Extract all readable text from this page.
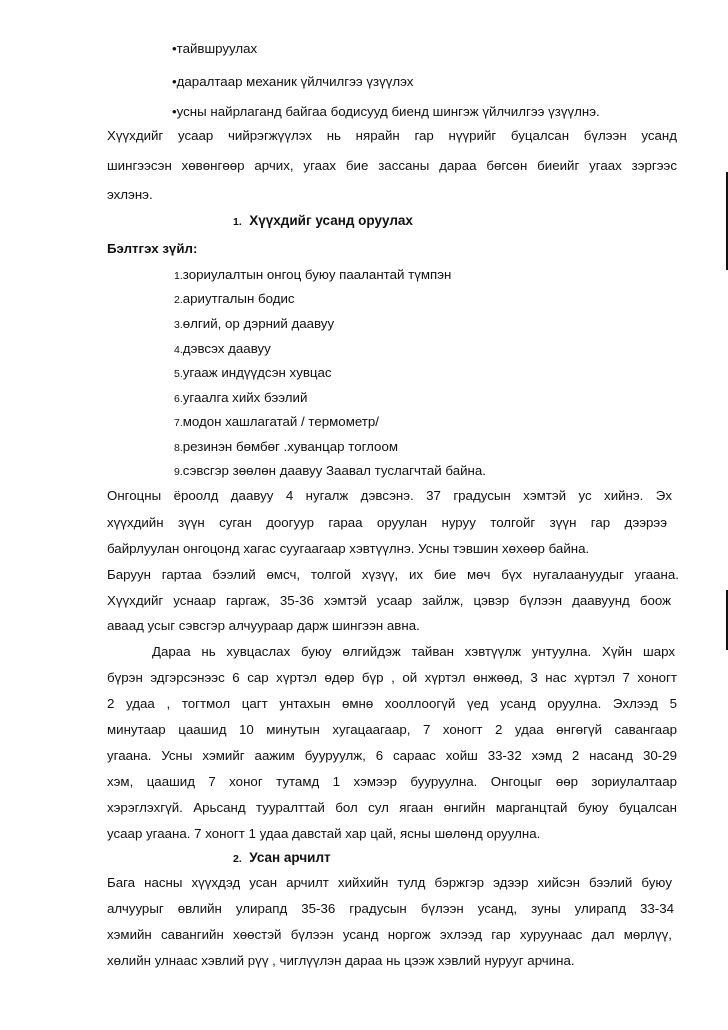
•тайвшруулах

•даралтаар механик үйлчилгээ үзүүлэх

•усны найрлаганд байгаа бодисууд биенд шингэж үйлчилгээ үзүүлнэ.

Хүүхдийг усаар чийрэгжүүлэх нь нярайн гар нүүрийг буцалсан бүлээн усанд

шингээсэн хөвөнгөөр арчих, угаах бие зассаны дараа бөгсөн биеийг угаах зэргээс

эхлэнэ.

1. Хүүхдийг усанд оруулах

Бэлтгэх зүйл:

1.зориулалтын онгоц буюу паалантай түмпэн
2.ариутгалын бодис
3.өлгий, ор дэрний даавуу
4.дэвсэх даавуу
5.угааж индүүдсэн хувцас
6.угаалга хийх бээлий
7.модон хашлагатай / термометр/
8.резинэн бөмбөг .хуванцар тоглоом
9.сэвсгэр зөөлөн даавуу Заавал туслагчтай байна.

Онгоцны ёроолд даавуу 4 нугалж дэвсэнэ. 37 градусын хэмтэй ус хийнэ. Эх

хүүхдийн зүүн суган доогуур гараа оруулан нуруу толгойг зүүн гар дээрээ

байрлуулан онгоцонд хагас суугаагаар хэвтүүлнэ. Усны тэвшин хөхөөр байна.

Баруун гартаа бээлий өмсч, толгой хүзүү, их бие мөч бүх нугалаануудыг угаана.

Хүүхдийг уснаар гаргаж, 35-36 хэмтэй усаар зайлж, цэвэр бүлээн даавуунд боож

аваад усыг сэвсгэр алчуураар дарж шингээн авна.

Дараа нь хувцаслах буюу өлгийдэж тайван хэвтүүлж унтуулна. Хүйн шарх

бүрэн эдгэрсэнээс 6 сар хүртэл өдөр бүр , ой хүртэл өнжөөд, 3 нас хүртэл 7 хоногт

2 удаа , тогтмол цагт унтахын өмнө хооллоогүй үед усанд оруулна. Эхлээд 5

минутаар цаашид 10 минутын хугацаагаар, 7 хоногт 2 удаа өнгөгүй савангаар

угаана. Усны хэмийг аажим бууруулж, 6 сараас хойш 33-32 хэмд 2 насанд 30-29

хэм, цаашид 7 хоног тутамд 1 хэмээр бууруулна. Онгоцыг өөр зориулалтаар

хэрэглэхгүй. Арьсанд тууралттай бол сул ягаан өнгийн марганцтай буюу буцалсан

усаар угаана. 7 хоногт 1 удаа давстай хар цай, ясны шөлөнд оруулна.

2. Усан арчилт

Бага насны хүүхдэд усан арчилт хийхийн тулд бэржгэр эдээр хийсэн бээлий буюу

алчуурыг өвлийн улирапд 35-36 градусын бүлээн усанд, зуны улирапд 33-34

хэмийн савангийн хөөстэй бүлээн усанд норгож эхлээд гар хуруунаас дал мөрлүү,

хөлийн улнаас хэвлий рүү , чиглүүлэн дараа нь цээж хэвлий нурууг арчина.
